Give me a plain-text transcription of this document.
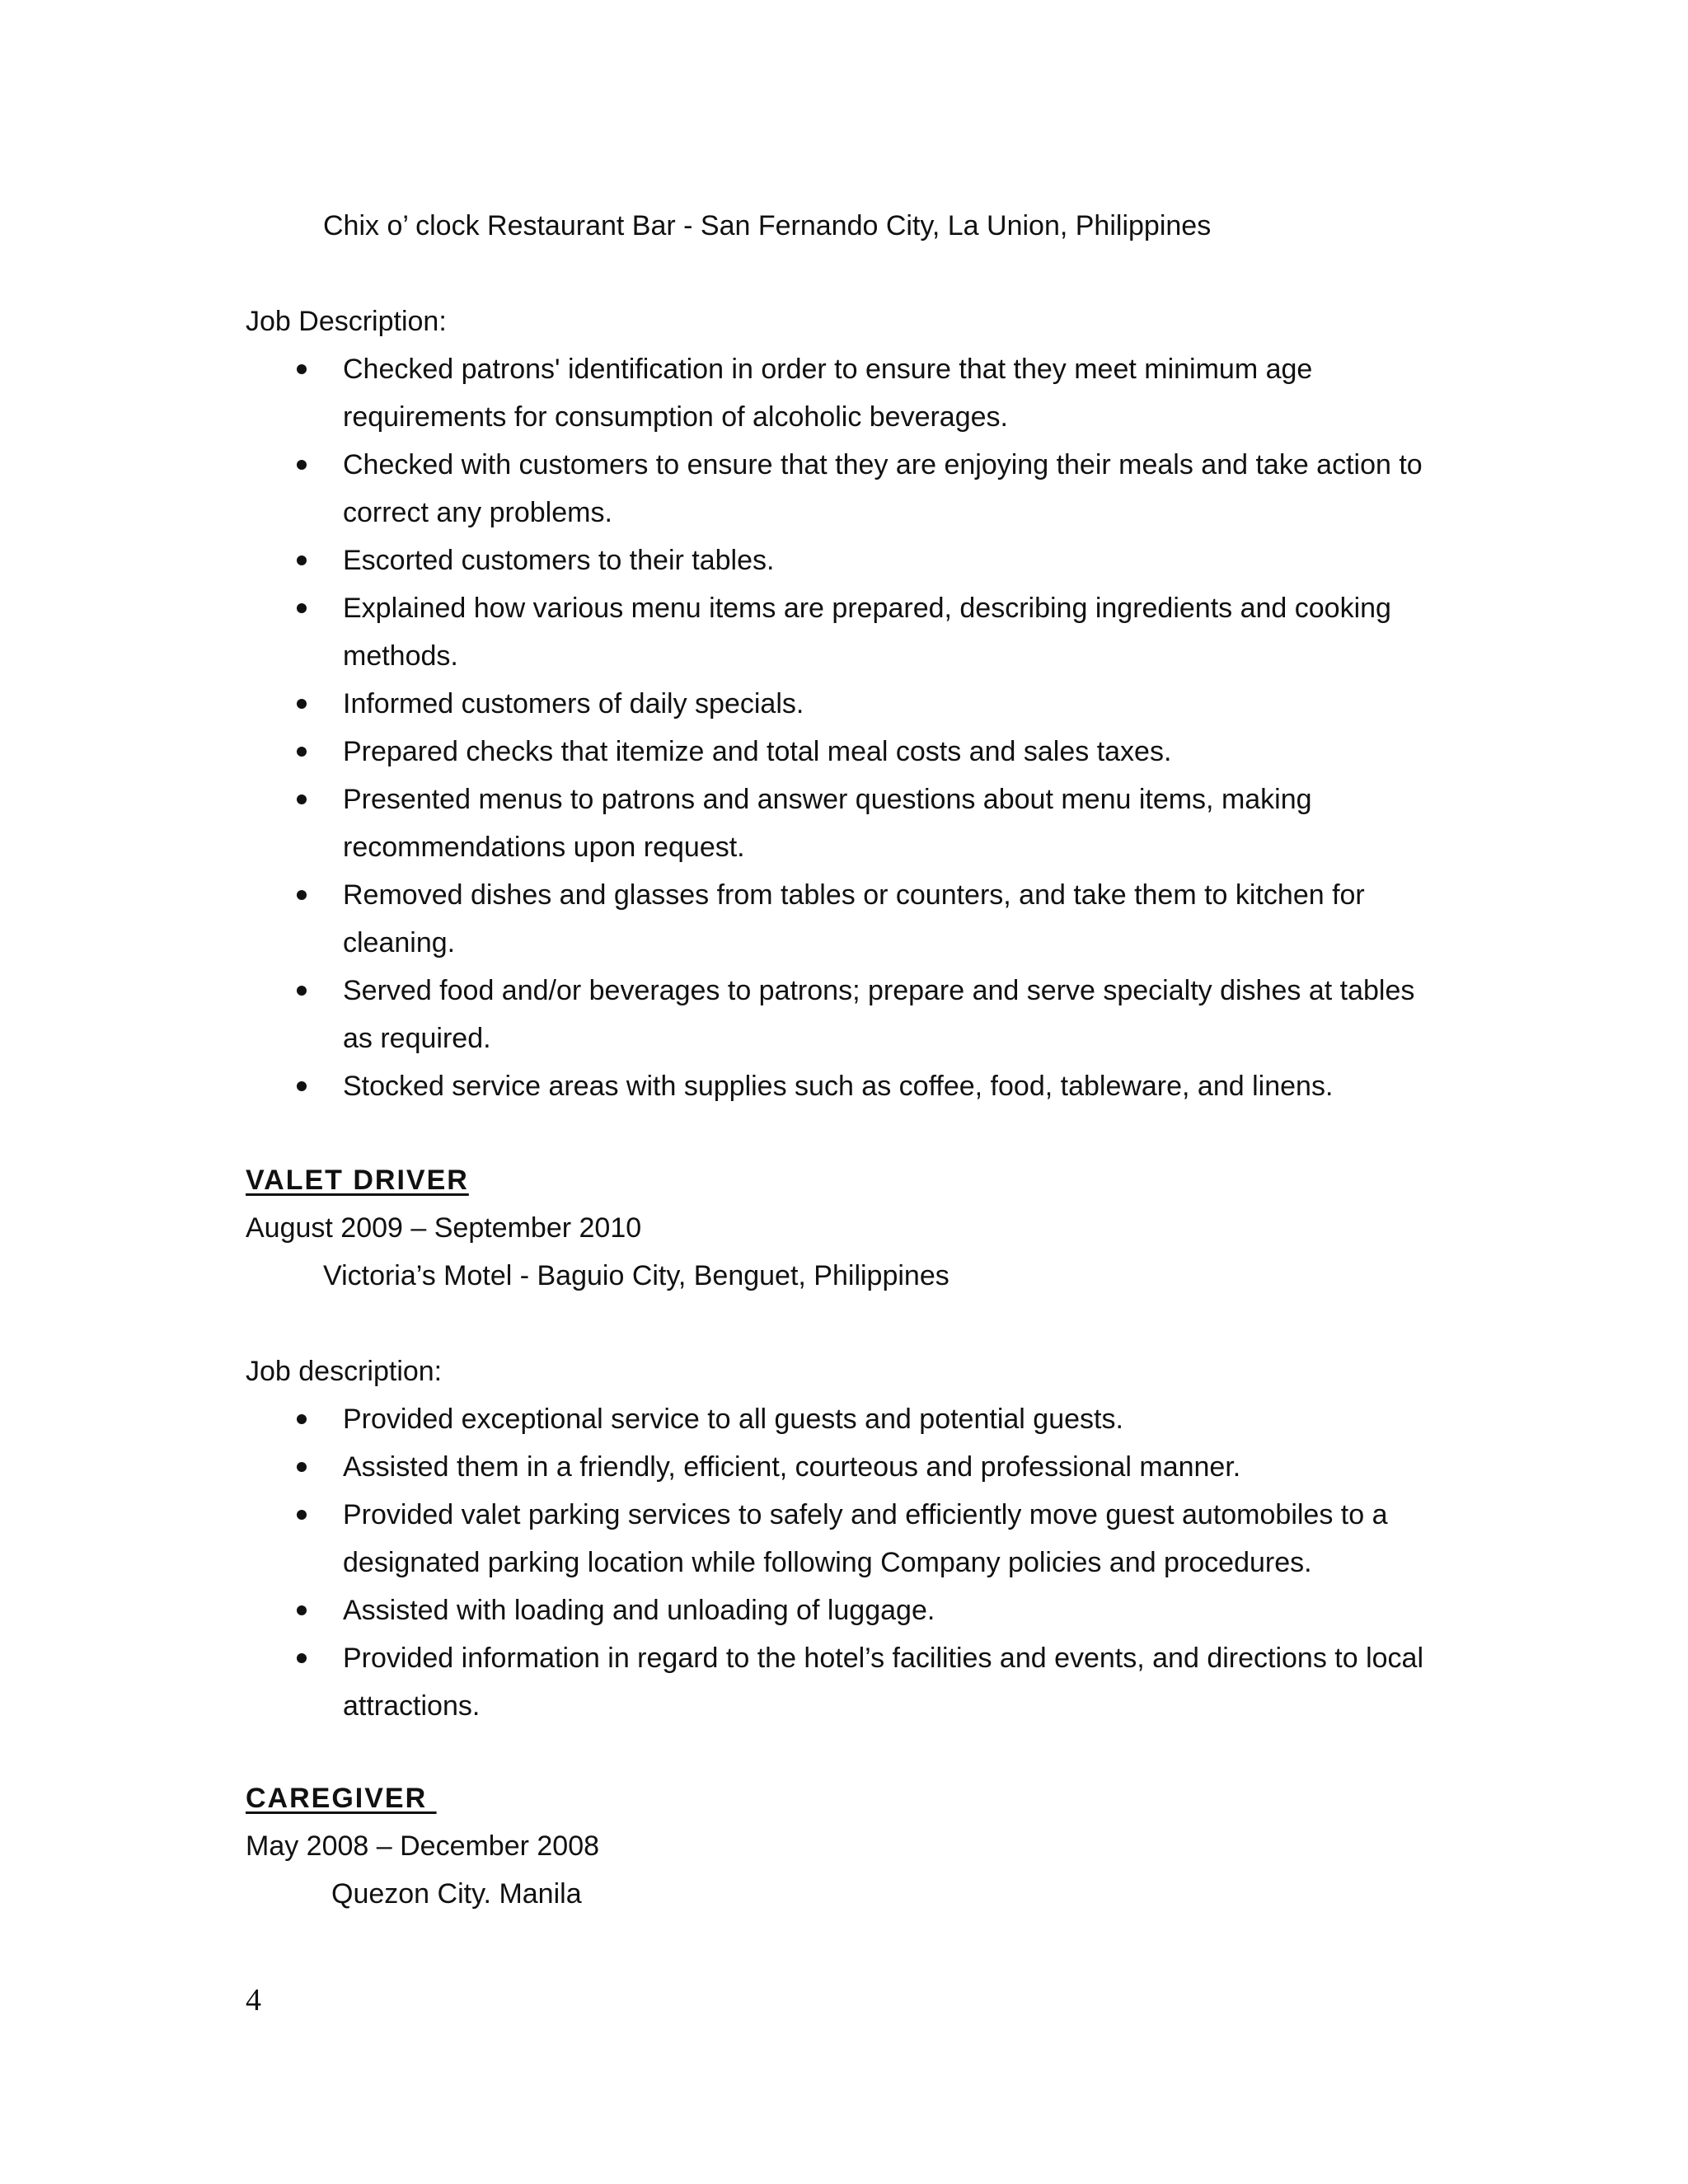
Chix o’ clock Restaurant Bar - San Fernando City, La Union, Philippines
Job Description:
Checked patrons' identification in order to ensure that they meet minimum age requirements for consumption of alcoholic beverages.
Checked with customers to ensure that they are enjoying their meals and take action to correct any problems.
Escorted customers to their tables.
Explained how various menu items are prepared, describing ingredients and cooking methods.
Informed customers of daily specials.
Prepared checks that itemize and total meal costs and sales taxes.
Presented menus to patrons and answer questions about menu items, making recommendations upon request.
Removed dishes and glasses from tables or counters, and take them to kitchen for cleaning.
Served food and/or beverages to patrons; prepare and serve specialty dishes at tables as required.
Stocked service areas with supplies such as coffee, food, tableware, and linens.
VALET DRIVER
August 2009 – September 2010
Victoria’s Motel - Baguio City, Benguet, Philippines
Job description:
Provided exceptional service to all guests and potential guests.
Assisted them in a friendly, efficient, courteous and professional manner.
Provided valet parking services to safely and efficiently move guest automobiles to a designated parking location while following Company policies and procedures.
Assisted with loading and unloading of luggage.
Provided information in regard to the hotel’s facilities and events, and directions to local attractions.
CAREGIVER
May 2008 – December 2008
Quezon City. Manila
4
